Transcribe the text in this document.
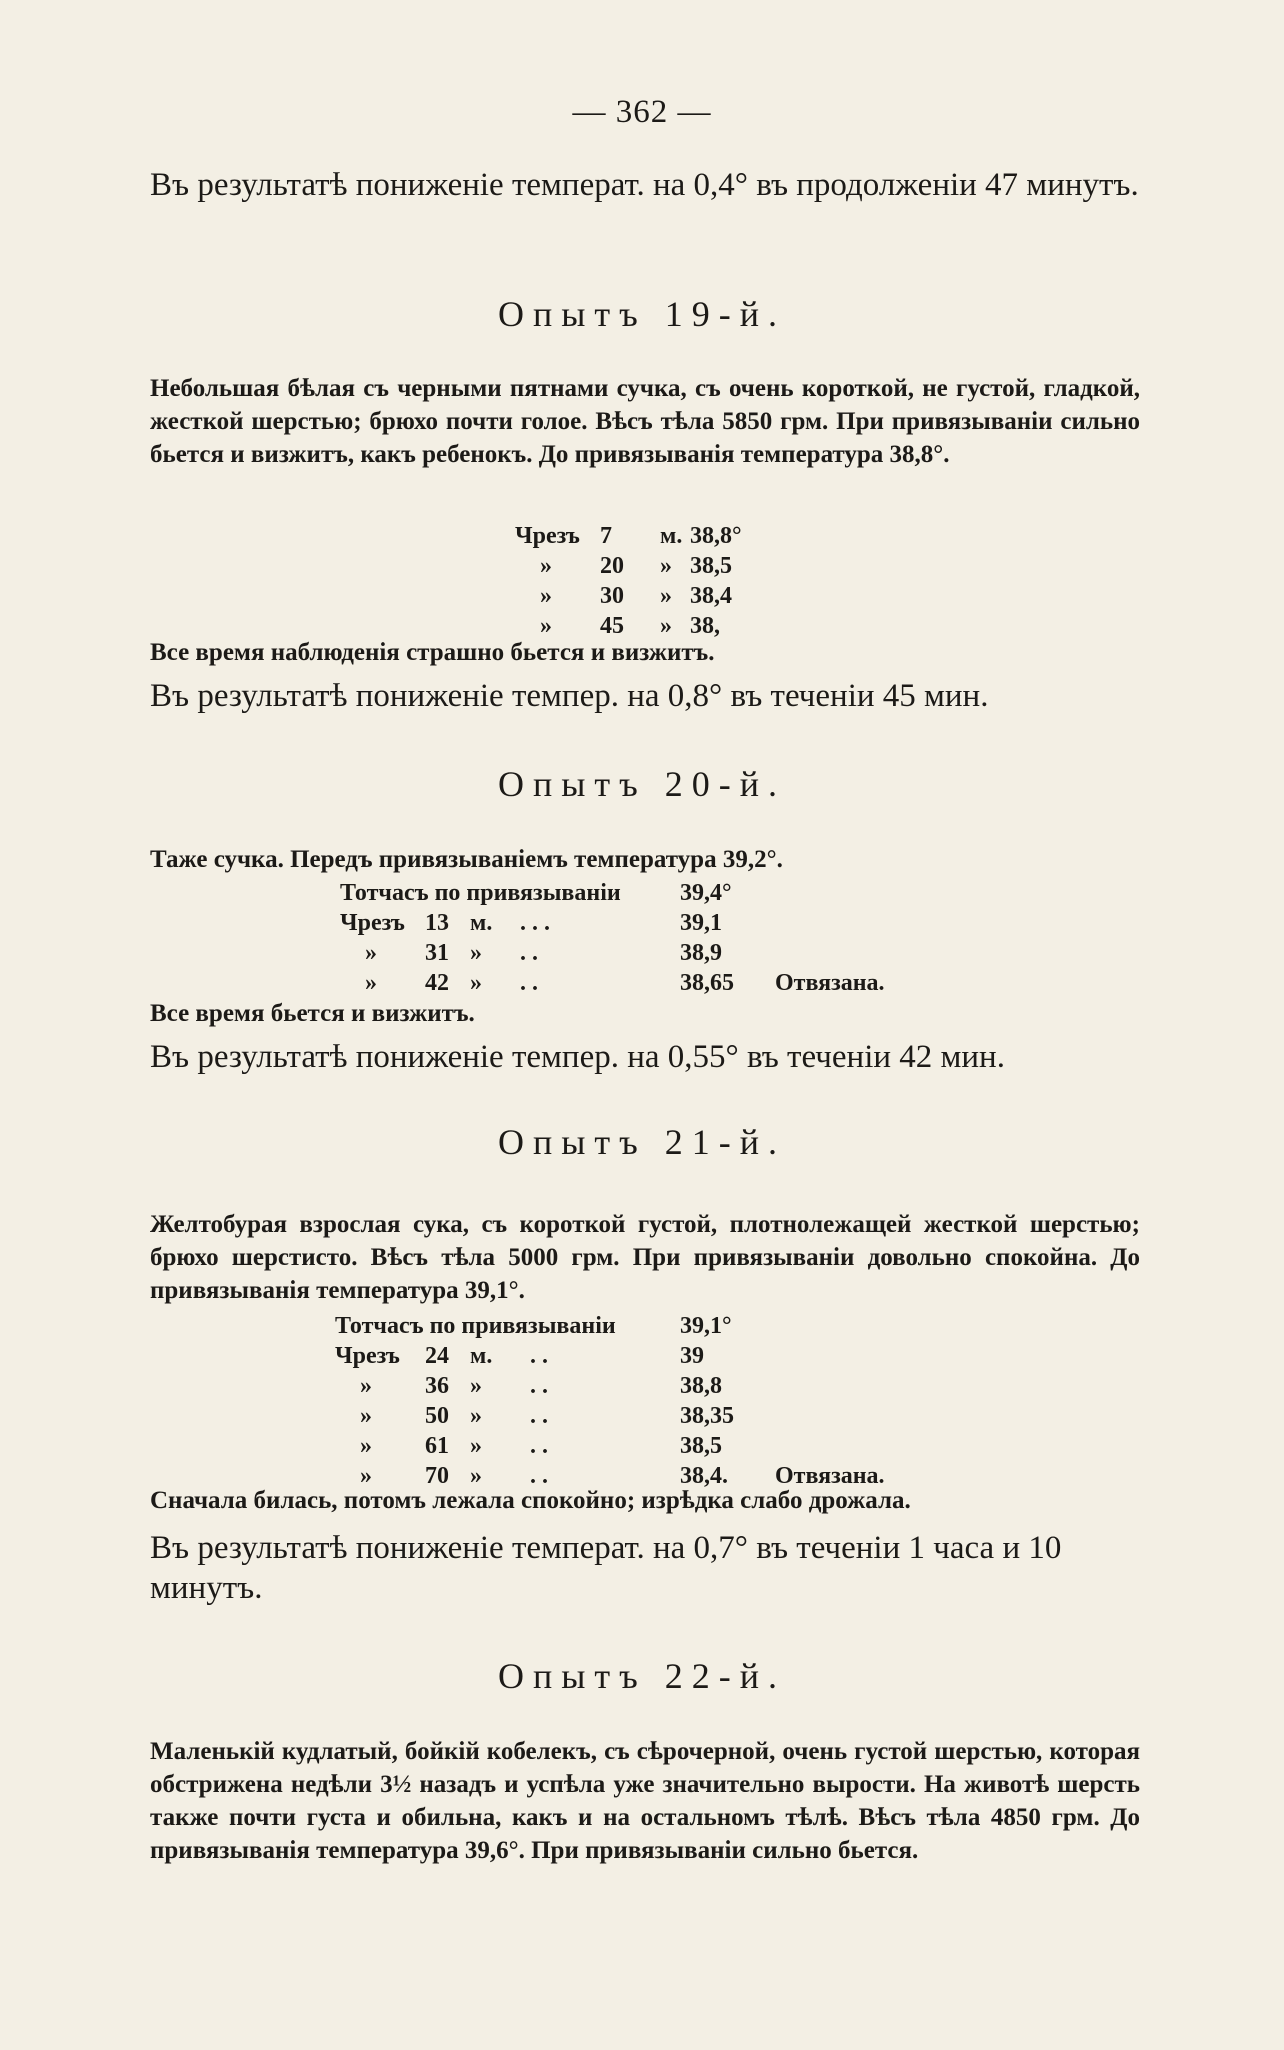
— 362 —
Въ результатѣ пониженіе температ. на 0,4° въ продолженіи 47 минутъ.
Опытъ 19-й.
Небольшая бѣлая съ черными пятнами сучка, съ очень короткой, не густой, гладкой, жесткой шерстью; брюхо почти голое. Вѣсъ тѣла 5850 грм. При привязываніи сильно бьется и визжитъ, какъ ребенокъ. До привязыванія температура 38,8°.
Чрезъ 7 м. 38,8°
» 20 » 38,5
» 30 » 38,4
» 45 » 38,
Все время наблюденія страшно бьется и визжитъ.
Въ результатѣ пониженіе темпер. на 0,8° въ теченіи 45 мин.
Опытъ 20-й.
Таже сучка. Передъ привязываніемъ температура 39,2°.
Тотчасъ по привязываніи 39,4°
Чрезъ 13 м. . . .	39,1
» 31 » . .	38,9
» 42 » . .	38,65 Отвязана.
Все время бьется и визжитъ.
Въ результатѣ пониженіе темпер. на 0,55° въ теченіи 42 мин.
Опытъ 21-й.
Желтобурая взрослая сука, съ короткой густой, плотнолежащей жесткой шерстью; брюхо шерстисто. Вѣсъ тѣла 5000 грм. При привязываніи довольно спокойна. До привязыванія температура 39,1°.
Тотчасъ по привязываніи	39,1°
Чрезъ 24 м. . .	39
» 36 » . .	38,8
» 50 » . .	38,35
» 61 » . .	38,5
» 70 » . .	38,4. Отвязана.
Сначала билась, потомъ лежала спокойно; изрѣдка слабо дрожала.
Въ результатѣ пониженіе температ. на 0,7° въ теченіи 1 часа и 10 минутъ.
Опытъ 22-й.
Маленькій кудлатый, бойкій кобелекъ, съ сѣрочерной, очень густой шерстью, которая обстрижена недѣли 3½ назадъ и успѣла уже значительно вырости. На животѣ шерсть также почти густа и обильна, какъ и на остальномъ тѣлѣ. Вѣсъ тѣла 4850 грм. До привязыванія температура 39,6°. При привязываніи сильно бьется.
